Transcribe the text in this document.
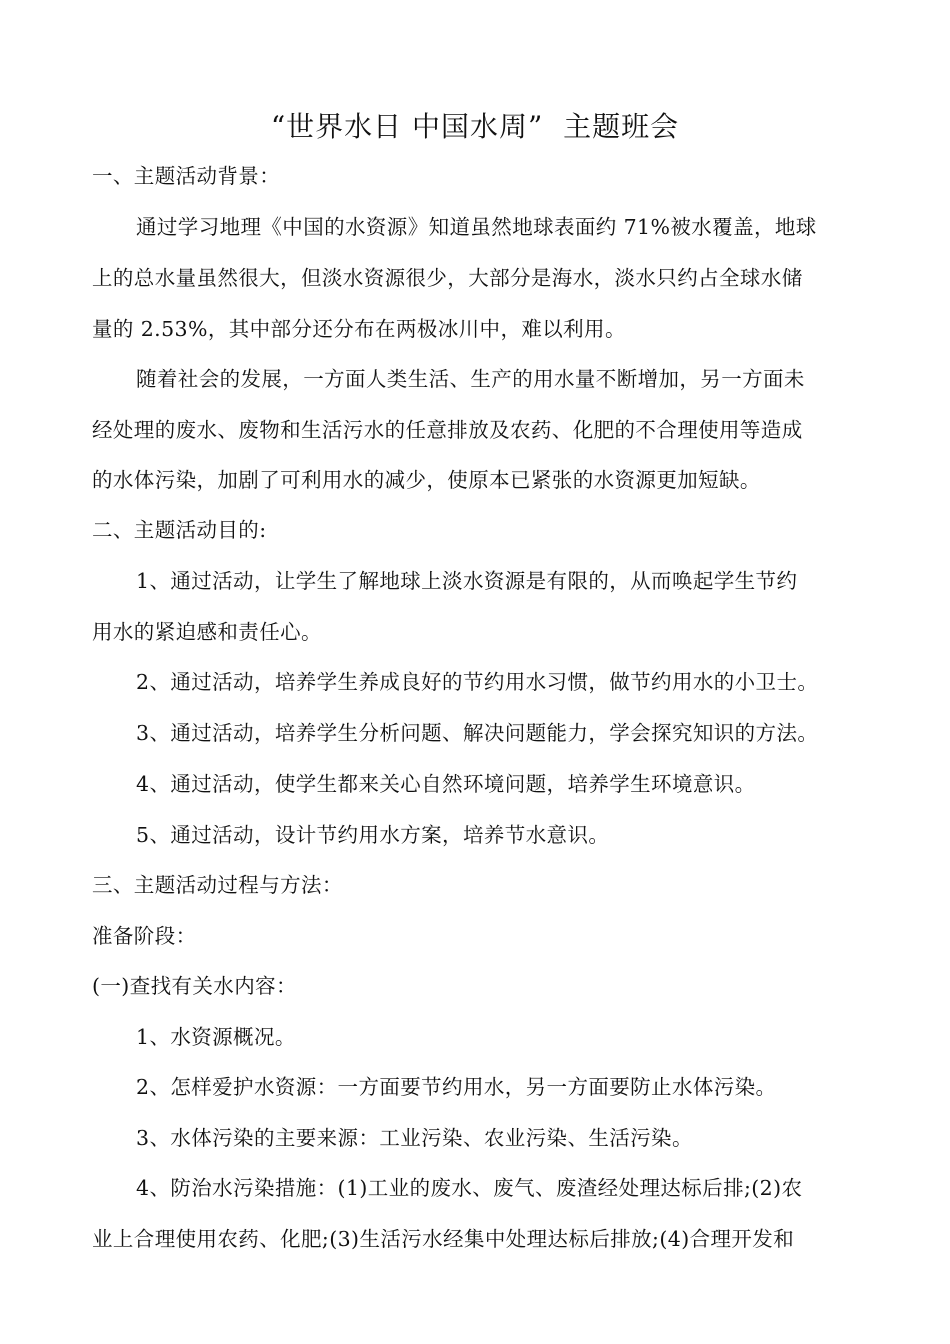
“世界水日 中国水周”  主题班会
一、主题活动背景：
通过学习地理《中国的水资源》知道虽然地球表面约 71%被水覆盖，地球
上的总水量虽然很大，但淡水资源很少，大部分是海水，淡水只约占全球水储
量的 2.53%，其中部分还分布在两极冰川中，难以利用。
随着社会的发展，一方面人类生活、生产的用水量不断增加，另一方面未
经处理的废水、废物和生活污水的任意排放及农药、化肥的不合理使用等造成
的水体污染，加剧了可利用水的减少，使原本已紧张的水资源更加短缺。
二、主题活动目的:
1、通过活动，让学生了解地球上淡水资源是有限的，从而唤起学生节约
用水的紧迫感和责任心。
2、通过活动，培养学生养成良好的节约用水习惯，做节约用水的小卫士。
3、通过活动，培养学生分析问题、解决问题能力，学会探究知识的方法。
4、通过活动，使学生都来关心自然环境问题，培养学生环境意识。
5、通过活动，设计节约用水方案，培养节水意识。
三、主题活动过程与方法：
准备阶段：
(一)查找有关水内容：
1、水资源概况。
2、怎样爱护水资源：一方面要节约用水，另一方面要防止水体污染。
3、水体污染的主要来源：工业污染、农业污染、生活污染。
4、防治水污染措施：(1)工业的废水、废气、废渣经处理达标后排;(2)农
业上合理使用农药、化肥;(3)生活污水经集中处理达标后排放;(4)合理开发和
